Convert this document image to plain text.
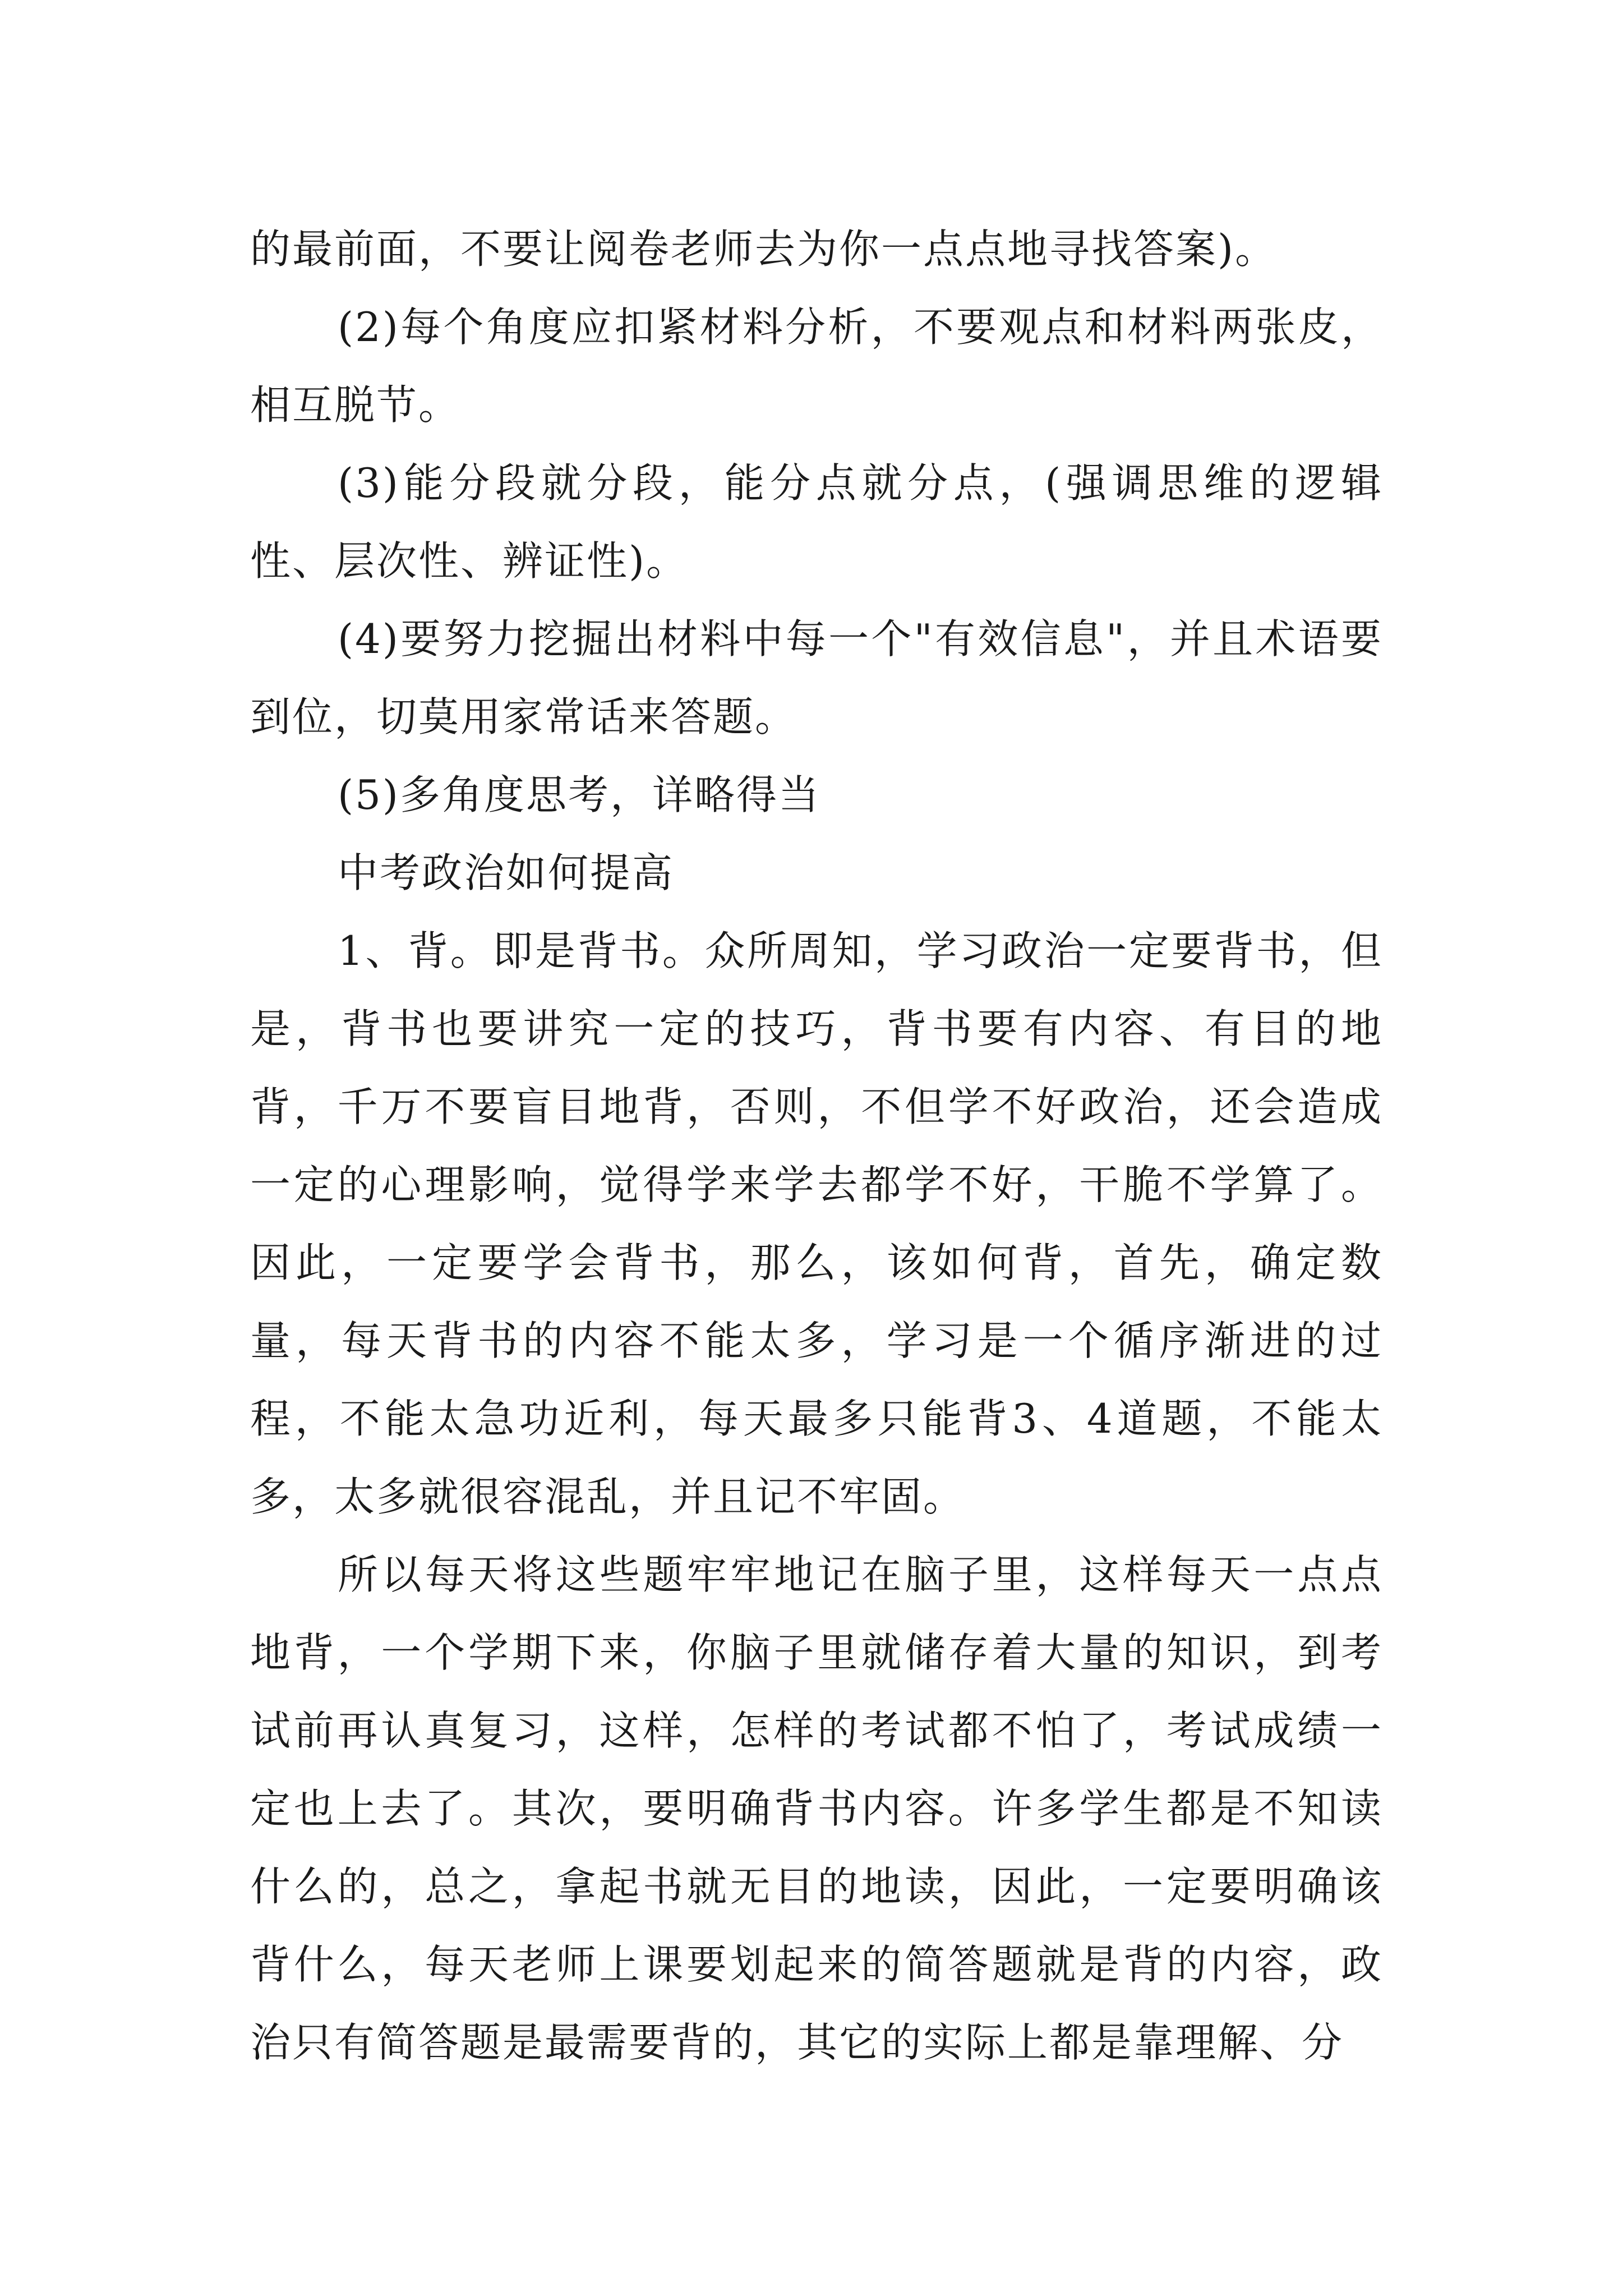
的最前面，不要让阅卷老师去为你一点点地寻找答案)。

(2)每个角度应扣紧材料分析，不要观点和材料两张皮，相互脱节。

(3)能分段就分段，能分点就分点，(强调思维的逻辑性、层次性、辨证性)。

(4)要努力挖掘出材料中每一个"有效信息"，并且术语要到位，切莫用家常话来答题。

(5)多角度思考，详略得当

中考政治如何提高

1、背。即是背书。众所周知，学习政治一定要背书，但是，背书也要讲究一定的技巧，背书要有内容、有目的地背，千万不要盲目地背，否则，不但学不好政治，还会造成一定的心理影响，觉得学来学去都学不好，干脆不学算了。因此，一定要学会背书，那么，该如何背，首先，确定数量，每天背书的内容不能太多，学习是一个循序渐进的过程，不能太急功近利，每天最多只能背3、4道题，不能太多，太多就很容混乱，并且记不牢固。

所以每天将这些题牢牢地记在脑子里，这样每天一点点地背，一个学期下来，你脑子里就储存着大量的知识，到考试前再认真复习，这样，怎样的考试都不怕了，考试成绩一定也上去了。其次，要明确背书内容。许多学生都是不知读什么的，总之，拿起书就无目的地读，因此，一定要明确该背什么，每天老师上课要划起来的简答题就是背的内容，政治只有简答题是最需要背的，其它的实际上都是靠理解、分
